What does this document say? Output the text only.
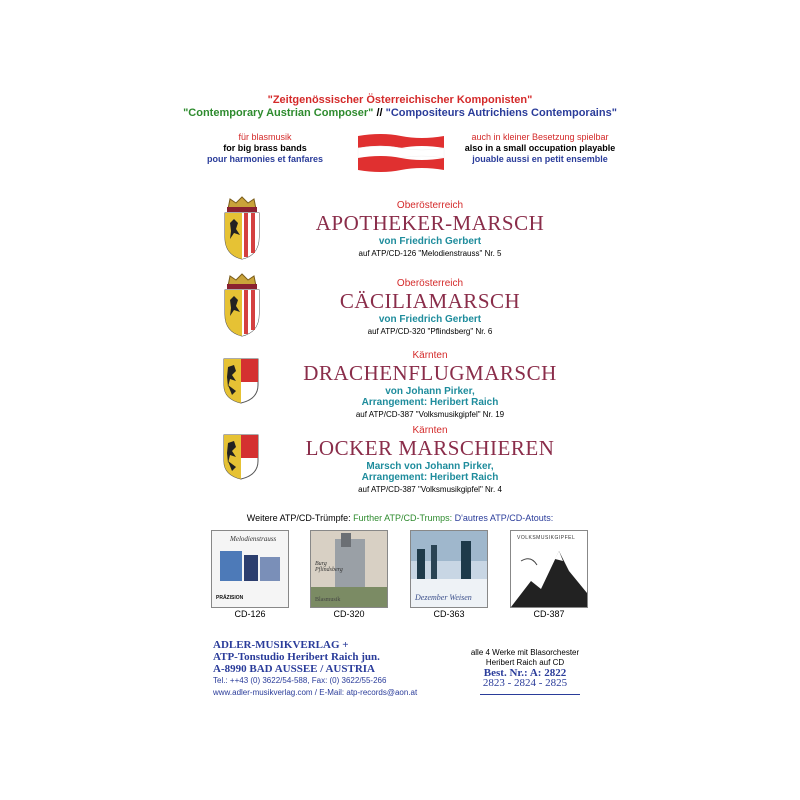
"Zeitgenössischer Österreichischer Komponisten"
"Contemporary Austrian Composer" // "Compositeurs Autrichiens Contemporains"
für blasmusik
for big brass bands
pour harmonies et fanfares
auch in kleiner Besetzung spielbar
also in a small occupation playable
jouable aussi en petit ensemble
Oberösterreich
APOTHEKER-MARSCH
von Friedrich Gerbert
auf ATP/CD-126 "Melodienstrauss" Nr. 5
Oberösterreich
CÄCILIAMARSCH
von Friedrich Gerbert
auf ATP/CD-320 "Pflindsberg" Nr. 6
Kärnten
DRACHENFLUGMARSCH
von Johann Pirker,
Arrangement: Heribert Raich
auf ATP/CD-387 "Volksmusikgipfel" Nr. 19
Kärnten
LOCKER MARSCHIEREN
Marsch von Johann Pirker,
Arrangement: Heribert Raich
auf ATP/CD-387 "Volksmusikgipfel" Nr. 4
Weitere ATP/CD-Trümpfe: Further ATP/CD-Trumps: D'autres ATP/CD-Atouts:
Melodienstrauss
PRÄZISION
CD-126
Burg Pflindsberg
Blasmusik
CD-320
Dezember Weisen
CD-363
VOLKSMUSIKGIPFEL
CD-387
ADLER-MUSIKVERLAG +
ATP-Tonstudio Heribert Raich jun.
A-8990 BAD AUSSEE / AUSTRIA
Tel.: ++43 (0) 3622/54-588, Fax: (0) 3622/55-266
www.adler-musikverlag.com / E-Mail: atp-records@aon.at
alle 4 Werke mit Blasorchester
Heribert Raich auf CD
Best. Nr.: A: 2822
2823 - 2824 - 2825
